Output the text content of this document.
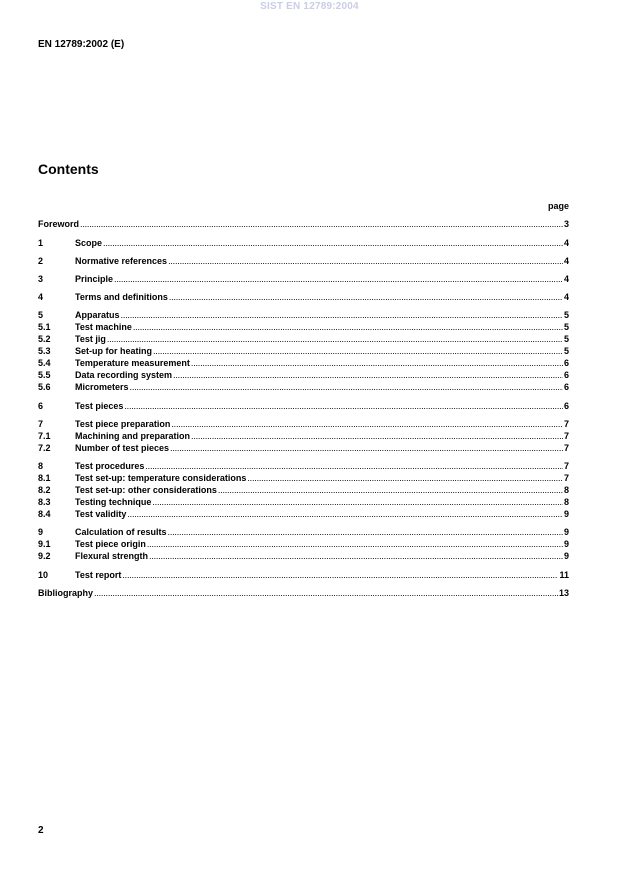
SIST EN 12789:2004
EN 12789:2002 (E)
Contents
page
Foreword .....	3
1	Scope .....	4
2	Normative references .....	4
3	Principle .....	4
4	Terms and definitions .....	4
5	Apparatus .....	5
5.1	Test machine .....	5
5.2	Test jig .....	5
5.3	Set-up for heating .....	5
5.4	Temperature measurement .....	6
5.5	Data recording system .....	6
5.6	Micrometers .....	6
6	Test pieces .....	6
7	Test piece preparation .....	7
7.1	Machining and preparation .....	7
7.2	Number of test pieces .....	7
8	Test procedures .....	7
8.1	Test set-up: temperature considerations .....	7
8.2	Test set-up: other considerations .....	8
8.3	Testing technique .....	8
8.4	Test validity .....	9
9	Calculation of results .....	9
9.1	Test piece origin .....	9
9.2	Flexural strength .....	9
10	Test report .....	11
Bibliography .....	13
2
